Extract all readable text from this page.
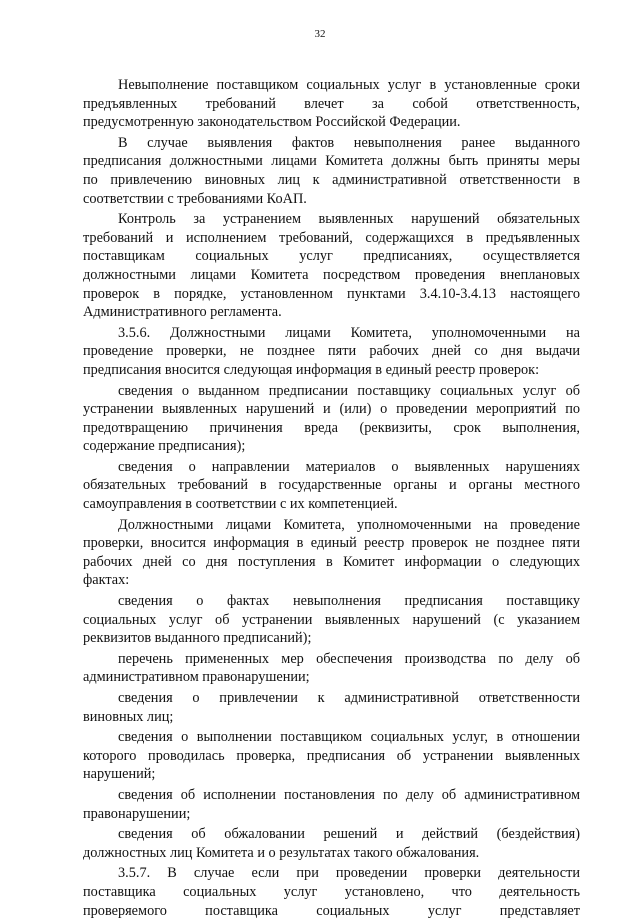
32
Невыполнение поставщиком социальных услуг в установленные сроки
предъявленных требований влечет за собой ответственность,
предусмотренную законодательством Российской Федерации.
В случае выявления фактов невыполнения ранее выданного
предписания должностными лицами Комитета должны быть приняты меры
по привлечению виновных лиц к административной ответственности в
соответствии с требованиями КоАП.
Контроль за устранением выявленных нарушений обязательных
требований и исполнением требований, содержащихся в предъявленных
поставщикам социальных услуг предписаниях, осуществляется
должностными лицами Комитета посредством проведения внеплановых
проверок в порядке, установленном пунктами 3.4.10-3.4.13 настоящего
Административного регламента.
3.5.6. Должностными лицами Комитета, уполномоченными на
проведение проверки, не позднее пяти рабочих дней со дня выдачи
предписания вносится следующая информация в единый реестр проверок:
сведения о выданном предписании поставщику социальных услуг об
устранении выявленных нарушений и (или) о проведении мероприятий по
предотвращению причинения вреда (реквизиты, срок выполнения,
содержание предписания);
сведения о направлении материалов о выявленных нарушениях
обязательных требований в государственные органы и органы местного
самоуправления в соответствии с их компетенцией.
Должностными лицами Комитета, уполномоченными на проведение
проверки, вносится информация в единый реестр проверок не позднее пяти
рабочих дней со дня поступления в Комитет информации о следующих
фактах:
сведения о фактах невыполнения предписания поставщику
социальных услуг об устранении выявленных нарушений (с указанием
реквизитов выданного предписаний);
перечень примененных мер обеспечения производства по делу об
административном правонарушении;
сведения о привлечении к административной ответственности
виновных лиц;
сведения о выполнении поставщиком социальных услуг, в отношении
которого проводилась проверка, предписания об устранении выявленных
нарушений;
сведения об исполнении постановления по делу об административном
правонарушении;
сведения об обжаловании решений и действий (бездействия)
должностных лиц Комитета и о результатах такого обжалования.
3.5.7. В случае если при проведении проверки деятельности
поставщика социальных услуг установлено, что деятельность
проверяемого поставщика социальных услуг представляет
